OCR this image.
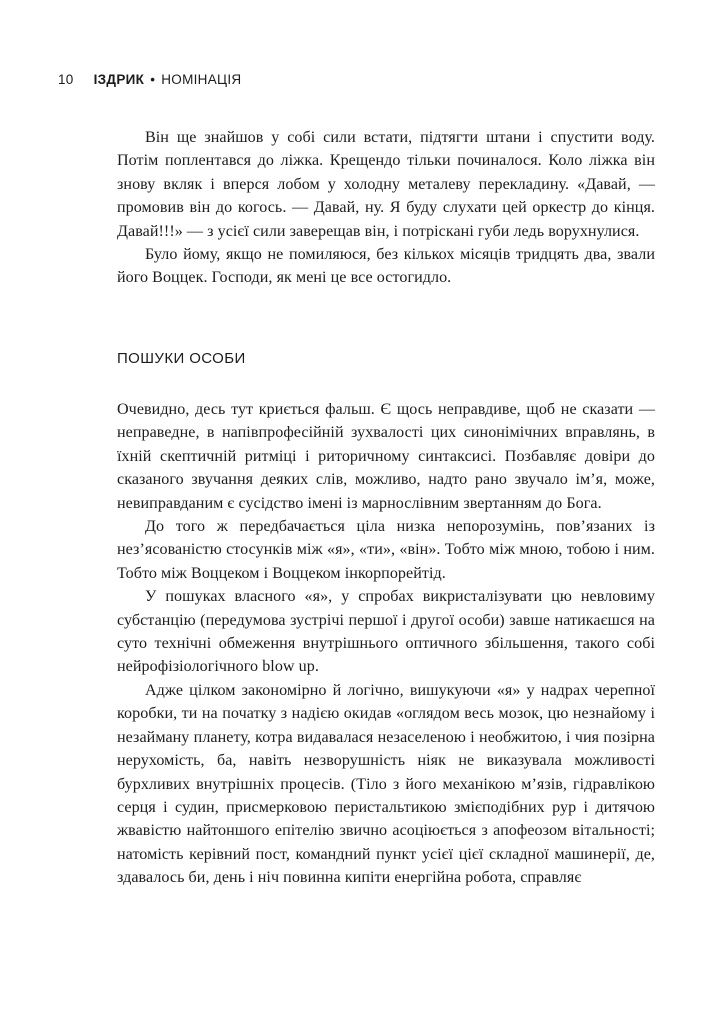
10 ІЗДРИК • НОМІНАЦІЯ

Він ще знайшов у собі сили встати, підтягти штани і спустити воду. Потім поплентався до ліжка. Крещендо тільки починалося. Коло ліжка він знову вкляк і вперся лобом у холодну металеву перекладину. «Давай, — промовив він до когось. — Давай, ну. Я буду слухати цей оркестр до кінця. Давай!!!» — з усієї сили заверещав він, і потріскані губи ледь ворухнулися.

Було йому, якщо не помиляюся, без кількох місяців тридцять два, звали його Воццек. Господи, як мені це все остогидло.

ПОШУКИ ОСОБИ

Очевидно, десь тут криється фальш. Є щось неправдиве, щоб не сказати — неправедне, в напівпрофесійній зухвалості цих синонімічних вправлянь, в їхній скептичній ритміці і риторичному синтаксисі. Позбавляє довіри до сказаного звучання деяких слів, можливо, надто рано звучало ім’я, може, невиправданим є сусідство імені із марнослівним звертанням до Бога.

До того ж передбачається ціла низка непорозумінь, пов’язаних із нез’ясованістю стосунків між «я», «ти», «він». Тобто між мною, тобою і ним. Тобто між Воццеком і Воццеком інкорпорейтід.

У пошуках власного «я», у спробах викристалізувати цю невловиму субстанцію (передумова зустрічі першої і другої особи) завше натикаєшся на суто технічні обмеження внутрішнього оптичного збільшення, такого собі нейрофізіологічного blow up.

Адже цілком закономірно й логічно, вишукуючи «я» у надрах черепної коробки, ти на початку з надією окидав «оглядом весь мозок, цю незнайому і незайману планету, котра видавалася незаселеною і необжитою, і чия позірна нерухомість, ба, навіть незворушність ніяк не виказувала можливості бурхливих внутрішніх процесів. (Тіло з його механікою м’язів, гідравлікою серця і судин, присмерковою перистальтикою змієподібних рур і дитячою жвавістю найтоншого епітелію звично асоціюється з апофеозом вітальності; натомість керівний пост, командний пункт усієї цієї складної машинерії, де, здавалось би, день і ніч повинна кипіти енергійна робота, справляє
